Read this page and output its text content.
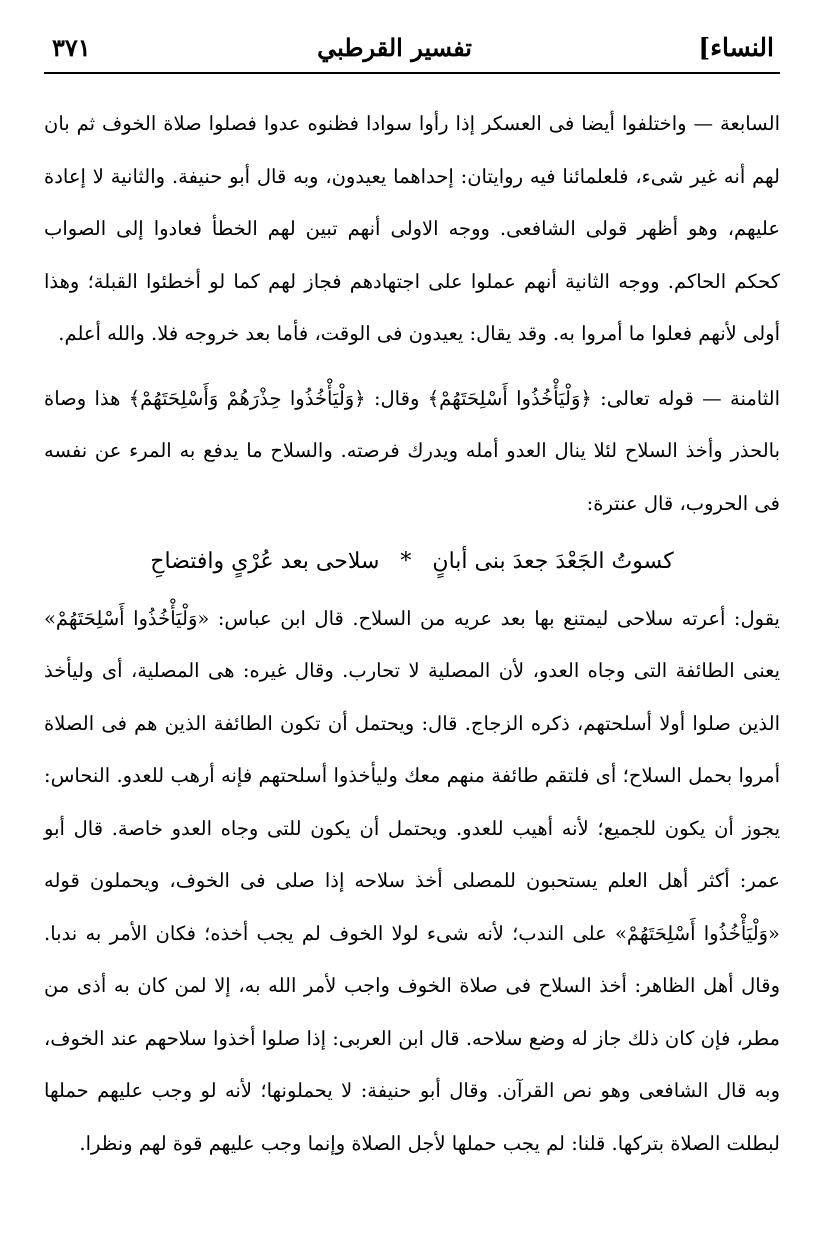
النساء]
تفسير القرطبي
٣٧١

السابعة — واختلفوا أيضا فى العسكر إذا رأوا سوادا فظنوه عدوا فصلوا صلاة الخوف ثم بان لهم أنه غير شىء، فلعلمائنا فيه روايتان: إحداهما يعيدون، وبه قال أبو حنيفة. والثانية لا إعادة عليهم، وهو أظهر قولى الشافعى. ووجه الاولى أنهم تبين لهم الخطأ فعادوا إلى الصواب كحكم الحاكم. ووجه الثانية أنهم عملوا على اجتهادهم فجاز لهم كما لو أخطئوا القبلة؛ وهذا أولى لأنهم فعلوا ما أمروا به. وقد يقال: يعيدون فى الوقت، فأما بعد خروجه فلا. والله أعلم.

الثامنة — قوله تعالى: ﴿وَلْيَأْخُذُوا أَسْلِحَتَهُمْ﴾ وقال: ﴿وَلْيَأْخُذُوا حِذْرَهُمْ وَأَسْلِحَتَهُمْ﴾ هذا وصاة بالحذر وأخذ السلاح لئلا ينال العدو أمله ويدرك فرصته. والسلاح ما يدفع به المرء عن نفسه فى الحروب، قال عنترة:

كسوتُ الجَعْدَ جعدَ بنى أبانٍ * سلاحى بعد عُرْىٍ وافتضاحِ

يقول: أعرته سلاحى ليمتنع بها بعد عريه من السلاح. قال ابن عباس: «وَلْيَأْخُذُوا أَسْلِحَتَهُمْ» يعنى الطائفة التى وجاه العدو، لأن المصلية لا تحارب. وقال غيره: هى المصلية، أى وليأخذ الذين صلوا أولا أسلحتهم، ذكره الزجاج. قال: ويحتمل أن تكون الطائفة الذين هم فى الصلاة أمروا بحمل السلاح؛ أى فلتقم طائفة منهم معك وليأخذوا أسلحتهم فإنه أرهب للعدو. النحاس: يجوز أن يكون للجميع؛ لأنه أهيب للعدو. ويحتمل أن يكون للتى وجاه العدو خاصة. قال أبو عمر: أكثر أهل العلم يستحبون للمصلى أخذ سلاحه إذا صلى فى الخوف، ويحملون قوله «وَلْيَأْخُذُوا أَسْلِحَتَهُمْ» على الندب؛ لأنه شىء لولا الخوف لم يجب أخذه؛ فكان الأمر به ندبا. وقال أهل الظاهر: أخذ السلاح فى صلاة الخوف واجب لأمر الله به، إلا لمن كان به أذى من مطر، فإن كان ذلك جاز له وضع سلاحه. قال ابن العربى: إذا صلوا أخذوا سلاحهم عند الخوف، وبه قال الشافعى وهو نص القرآن. وقال أبو حنيفة: لا يحملونها؛ لأنه لو وجب عليهم حملها لبطلت الصلاة بتركها. قلنا: لم يجب حملها لأجل الصلاة وإنما وجب عليهم قوة لهم ونظرا.
